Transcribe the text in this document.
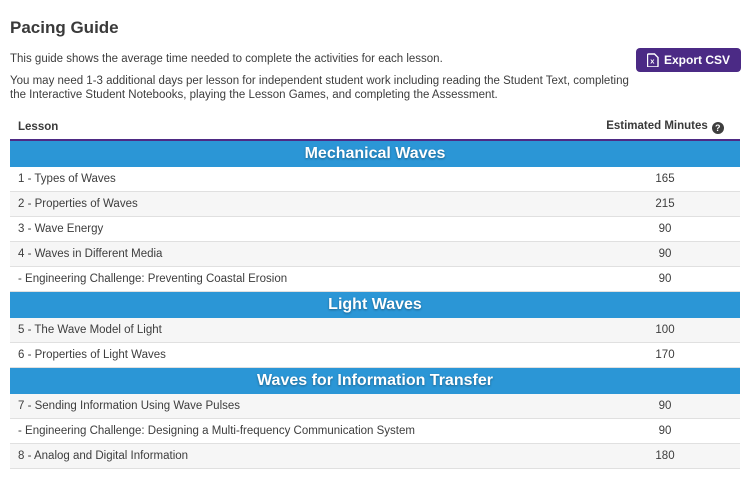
Pacing Guide

This guide shows the average time needed to complete the activities for each lesson.

You may need 1-3 additional days per lesson for independent student work including reading the Student Text, completing
the Interactive Student Notebooks, playing the Lesson Games, and completing the Assessment.

x Export CSV
Lesson	Estimated Minutes ?
Mechanical Waves	
1 - Types of Waves	165
2 - Properties of Waves	215
3 - Wave Energy	90
4 - Waves in Different Media	90
- Engineering Challenge: Preventing Coastal Erosion	90
Light Waves	
5 - The Wave Model of Light	100
6 - Properties of Light Waves	170
Waves for Information Transfer	
7 - Sending Information Using Wave Pulses	90
- Engineering Challenge: Designing a Multi-frequency Communication System	90
8 - Analog and Digital Information	180
